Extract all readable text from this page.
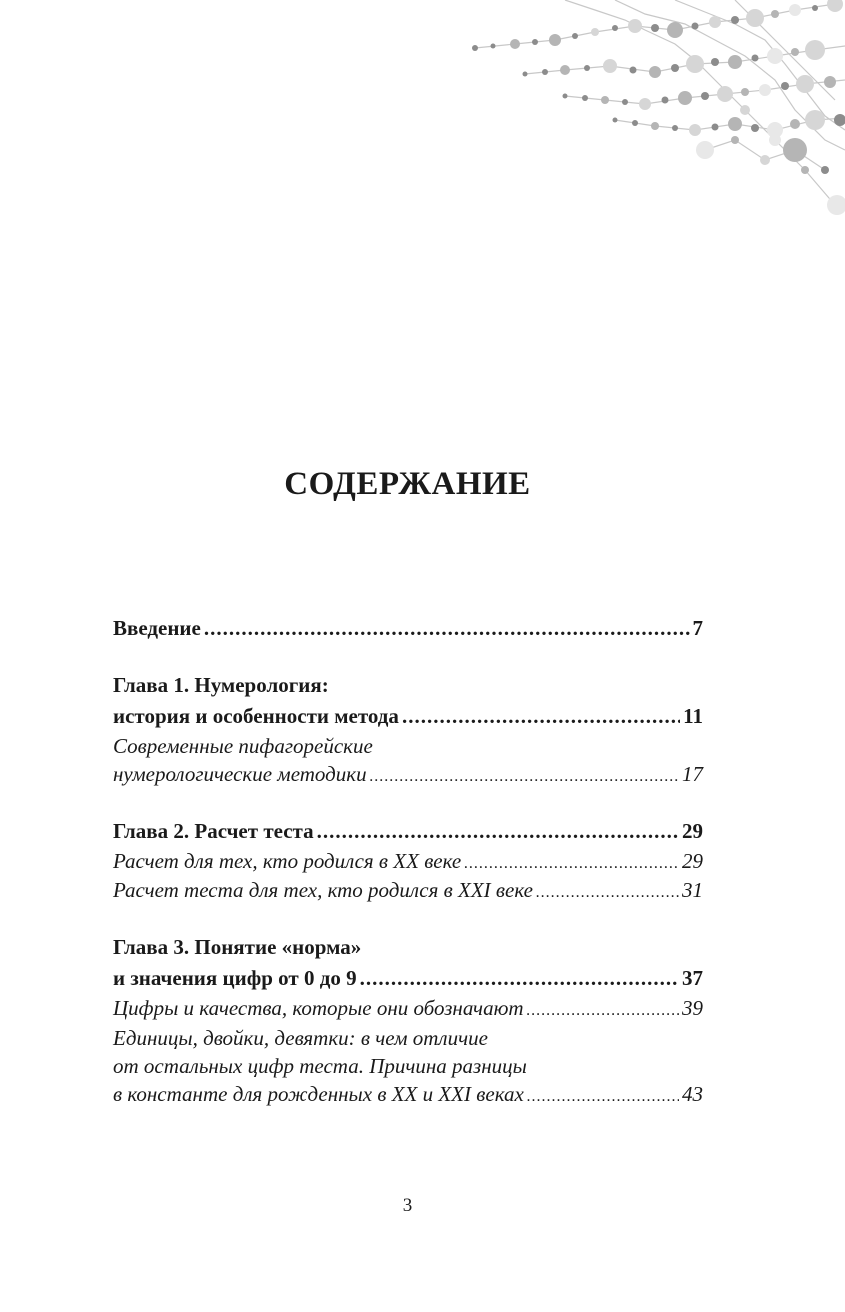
СОДЕРЖАНИЕ
Введение .....	7
Глава 1. Нумерология:
история и особенности метода .....	11
Современные пифагорейские
нумерологические методики .....	17
Глава 2. Расчет теста .....	29
Расчет для тех, кто родился в XX веке .....	29
Расчет теста для тех, кто родился в XXI веке .....	31
Глава 3. Понятие «норма»
и значения цифр от 0 до 9 .....	37
Цифры и качества, которые они обозначают .....	39
Единицы, двойки, девятки: в чем отличие
от остальных цифр теста. Причина разницы
в константе для рожденных в XX и XXI веках .....	43
3
